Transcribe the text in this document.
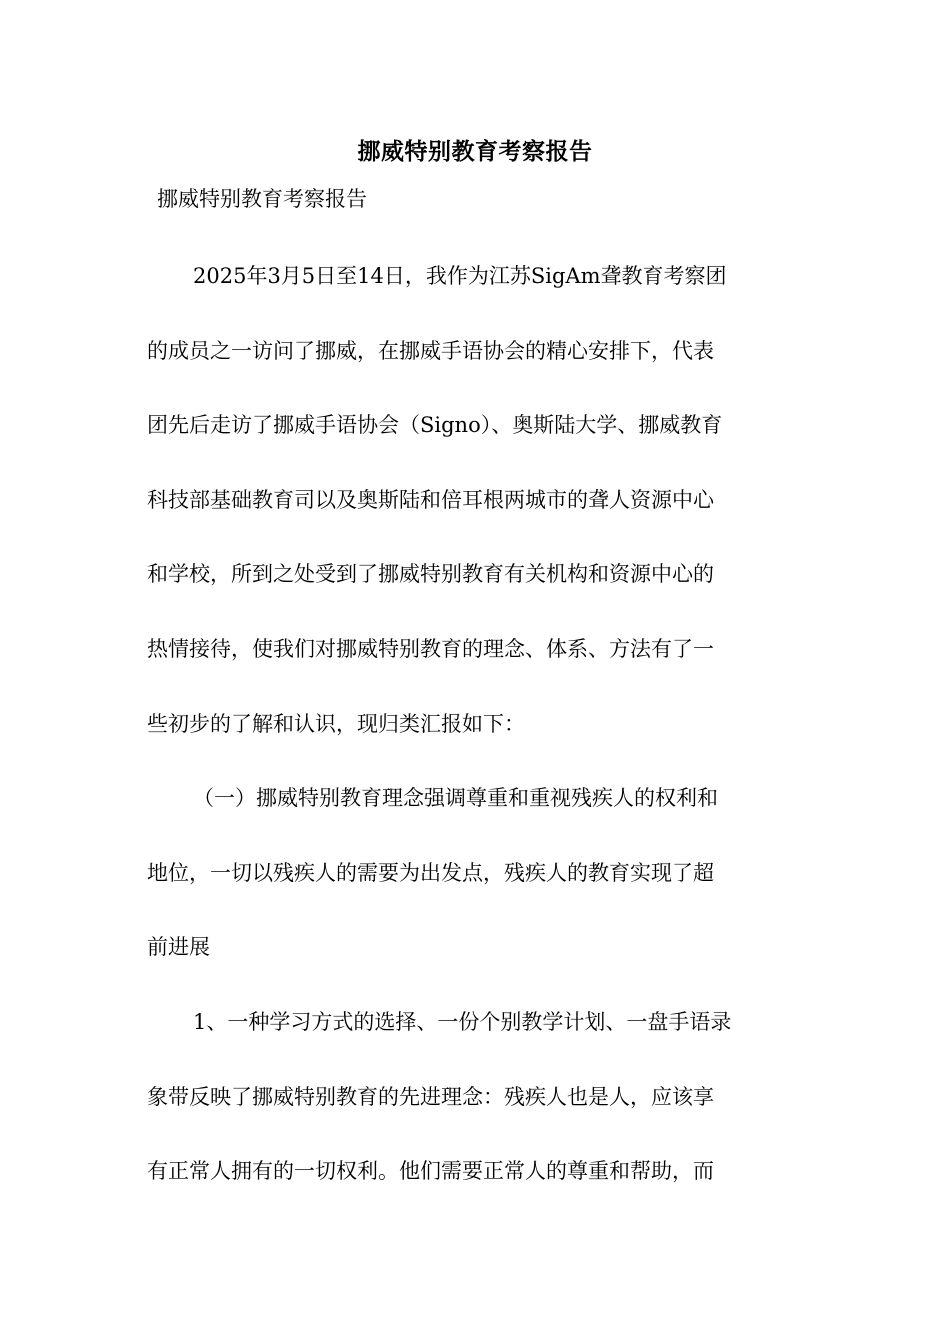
挪威特别教育考察报告
挪威特别教育考察报告
2025年3月5日至14日，我作为江苏SigAm聋教育考察团
的成员之一访问了挪威，在挪威手语协会的精心安排下，代表
团先后走访了挪威手语协会（Signo）、奥斯陆大学、挪威教育
科技部基础教育司以及奥斯陆和倍耳根两城市的聋人资源中心
和学校，所到之处受到了挪威特别教育有关机构和资源中心的
热情接待，使我们对挪威特别教育的理念、体系、方法有了一
些初步的了解和认识，现归类汇报如下：
（一）挪威特别教育理念强调尊重和重视残疾人的权利和
地位，一切以残疾人的需要为出发点，残疾人的教育实现了超
前进展
1、一种学习方式的选择、一份个别教学计划、一盘手语录
象带反映了挪威特别教育的先进理念：残疾人也是人，应该享
有正常人拥有的一切权利。他们需要正常人的尊重和帮助，而
